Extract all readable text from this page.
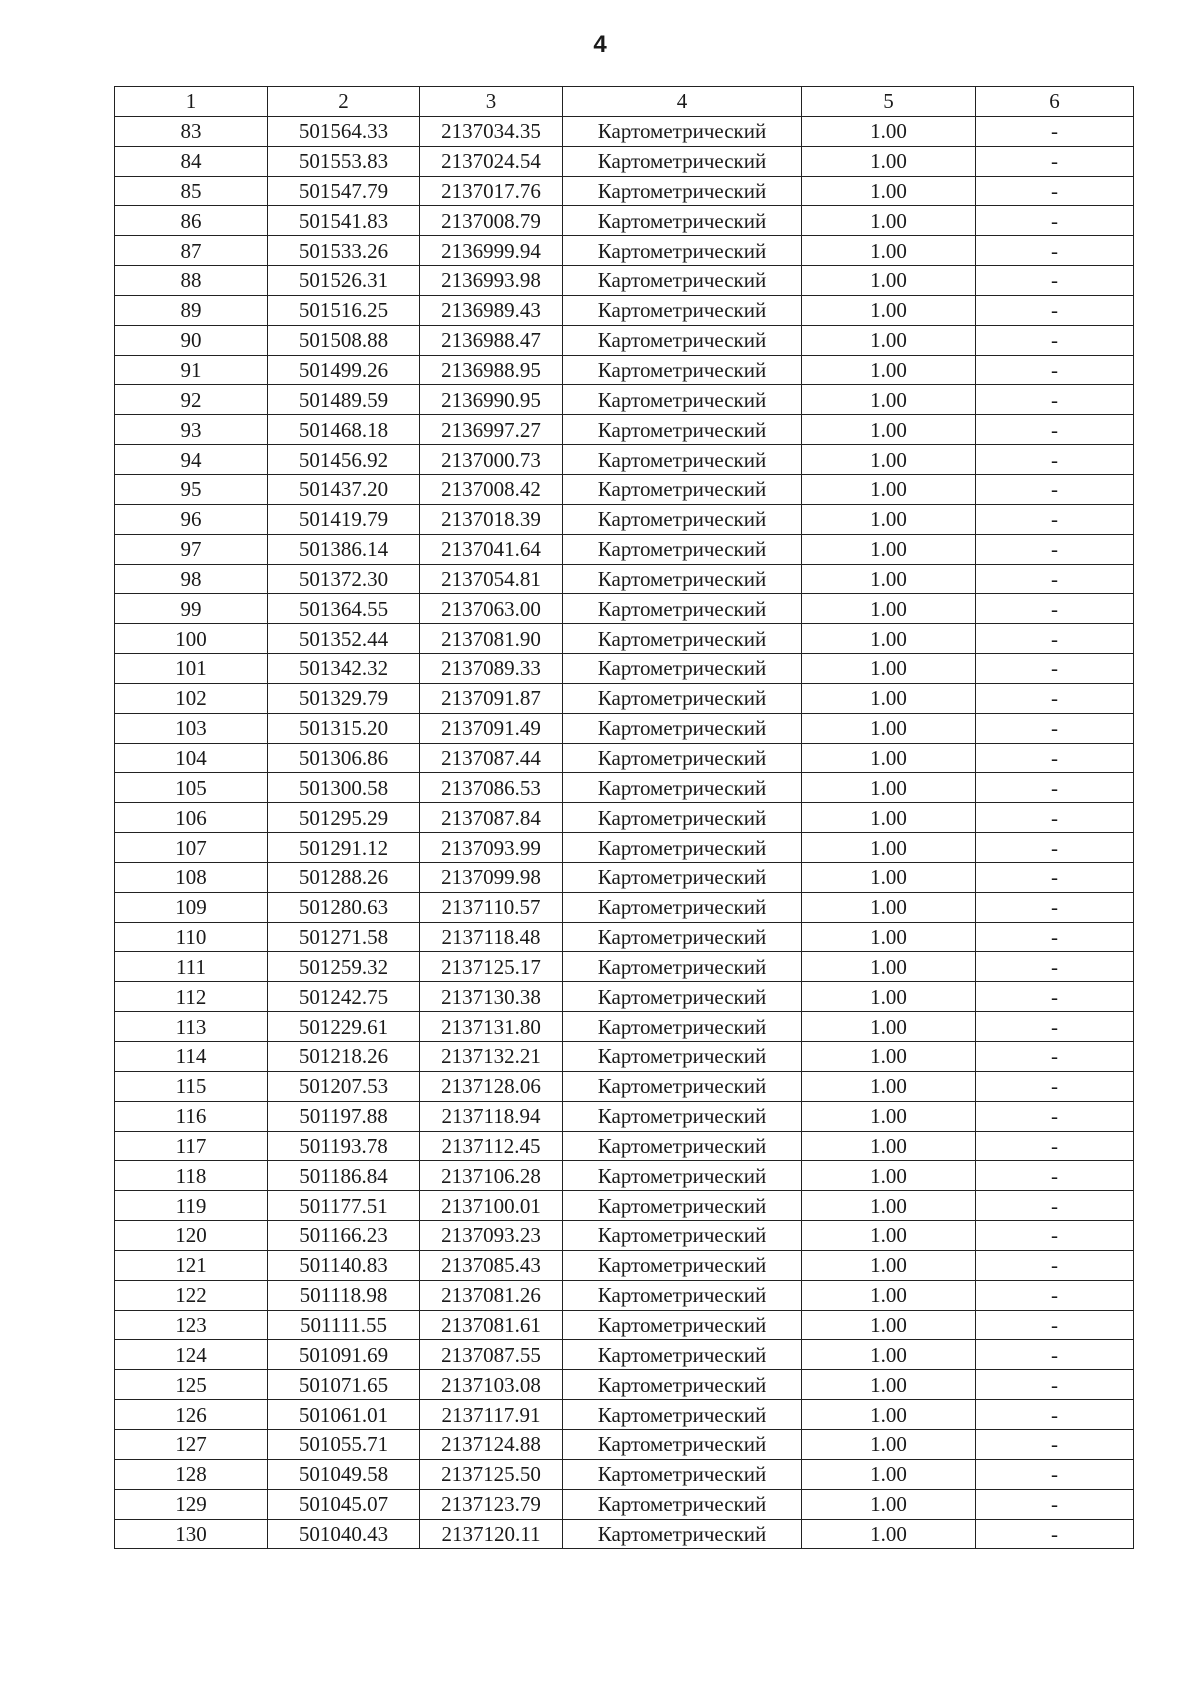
4
1	2	3	4	5	6
83	501564.33	2137034.35	Картометрический	1.00	-
84	501553.83	2137024.54	Картометрический	1.00	-
85	501547.79	2137017.76	Картометрический	1.00	-
86	501541.83	2137008.79	Картометрический	1.00	-
87	501533.26	2136999.94	Картометрический	1.00	-
88	501526.31	2136993.98	Картометрический	1.00	-
89	501516.25	2136989.43	Картометрический	1.00	-
90	501508.88	2136988.47	Картометрический	1.00	-
91	501499.26	2136988.95	Картометрический	1.00	-
92	501489.59	2136990.95	Картометрический	1.00	-
93	501468.18	2136997.27	Картометрический	1.00	-
94	501456.92	2137000.73	Картометрический	1.00	-
95	501437.20	2137008.42	Картометрический	1.00	-
96	501419.79	2137018.39	Картометрический	1.00	-
97	501386.14	2137041.64	Картометрический	1.00	-
98	501372.30	2137054.81	Картометрический	1.00	-
99	501364.55	2137063.00	Картометрический	1.00	-
100	501352.44	2137081.90	Картометрический	1.00	-
101	501342.32	2137089.33	Картометрический	1.00	-
102	501329.79	2137091.87	Картометрический	1.00	-
103	501315.20	2137091.49	Картометрический	1.00	-
104	501306.86	2137087.44	Картометрический	1.00	-
105	501300.58	2137086.53	Картометрический	1.00	-
106	501295.29	2137087.84	Картометрический	1.00	-
107	501291.12	2137093.99	Картометрический	1.00	-
108	501288.26	2137099.98	Картометрический	1.00	-
109	501280.63	2137110.57	Картометрический	1.00	-
110	501271.58	2137118.48	Картометрический	1.00	-
111	501259.32	2137125.17	Картометрический	1.00	-
112	501242.75	2137130.38	Картометрический	1.00	-
113	501229.61	2137131.80	Картометрический	1.00	-
114	501218.26	2137132.21	Картометрический	1.00	-
115	501207.53	2137128.06	Картометрический	1.00	-
116	501197.88	2137118.94	Картометрический	1.00	-
117	501193.78	2137112.45	Картометрический	1.00	-
118	501186.84	2137106.28	Картометрический	1.00	-
119	501177.51	2137100.01	Картометрический	1.00	-
120	501166.23	2137093.23	Картометрический	1.00	-
121	501140.83	2137085.43	Картометрический	1.00	-
122	501118.98	2137081.26	Картометрический	1.00	-
123	501111.55	2137081.61	Картометрический	1.00	-
124	501091.69	2137087.55	Картометрический	1.00	-
125	501071.65	2137103.08	Картометрический	1.00	-
126	501061.01	2137117.91	Картометрический	1.00	-
127	501055.71	2137124.88	Картометрический	1.00	-
128	501049.58	2137125.50	Картометрический	1.00	-
129	501045.07	2137123.79	Картометрический	1.00	-
130	501040.43	2137120.11	Картометрический	1.00	-
